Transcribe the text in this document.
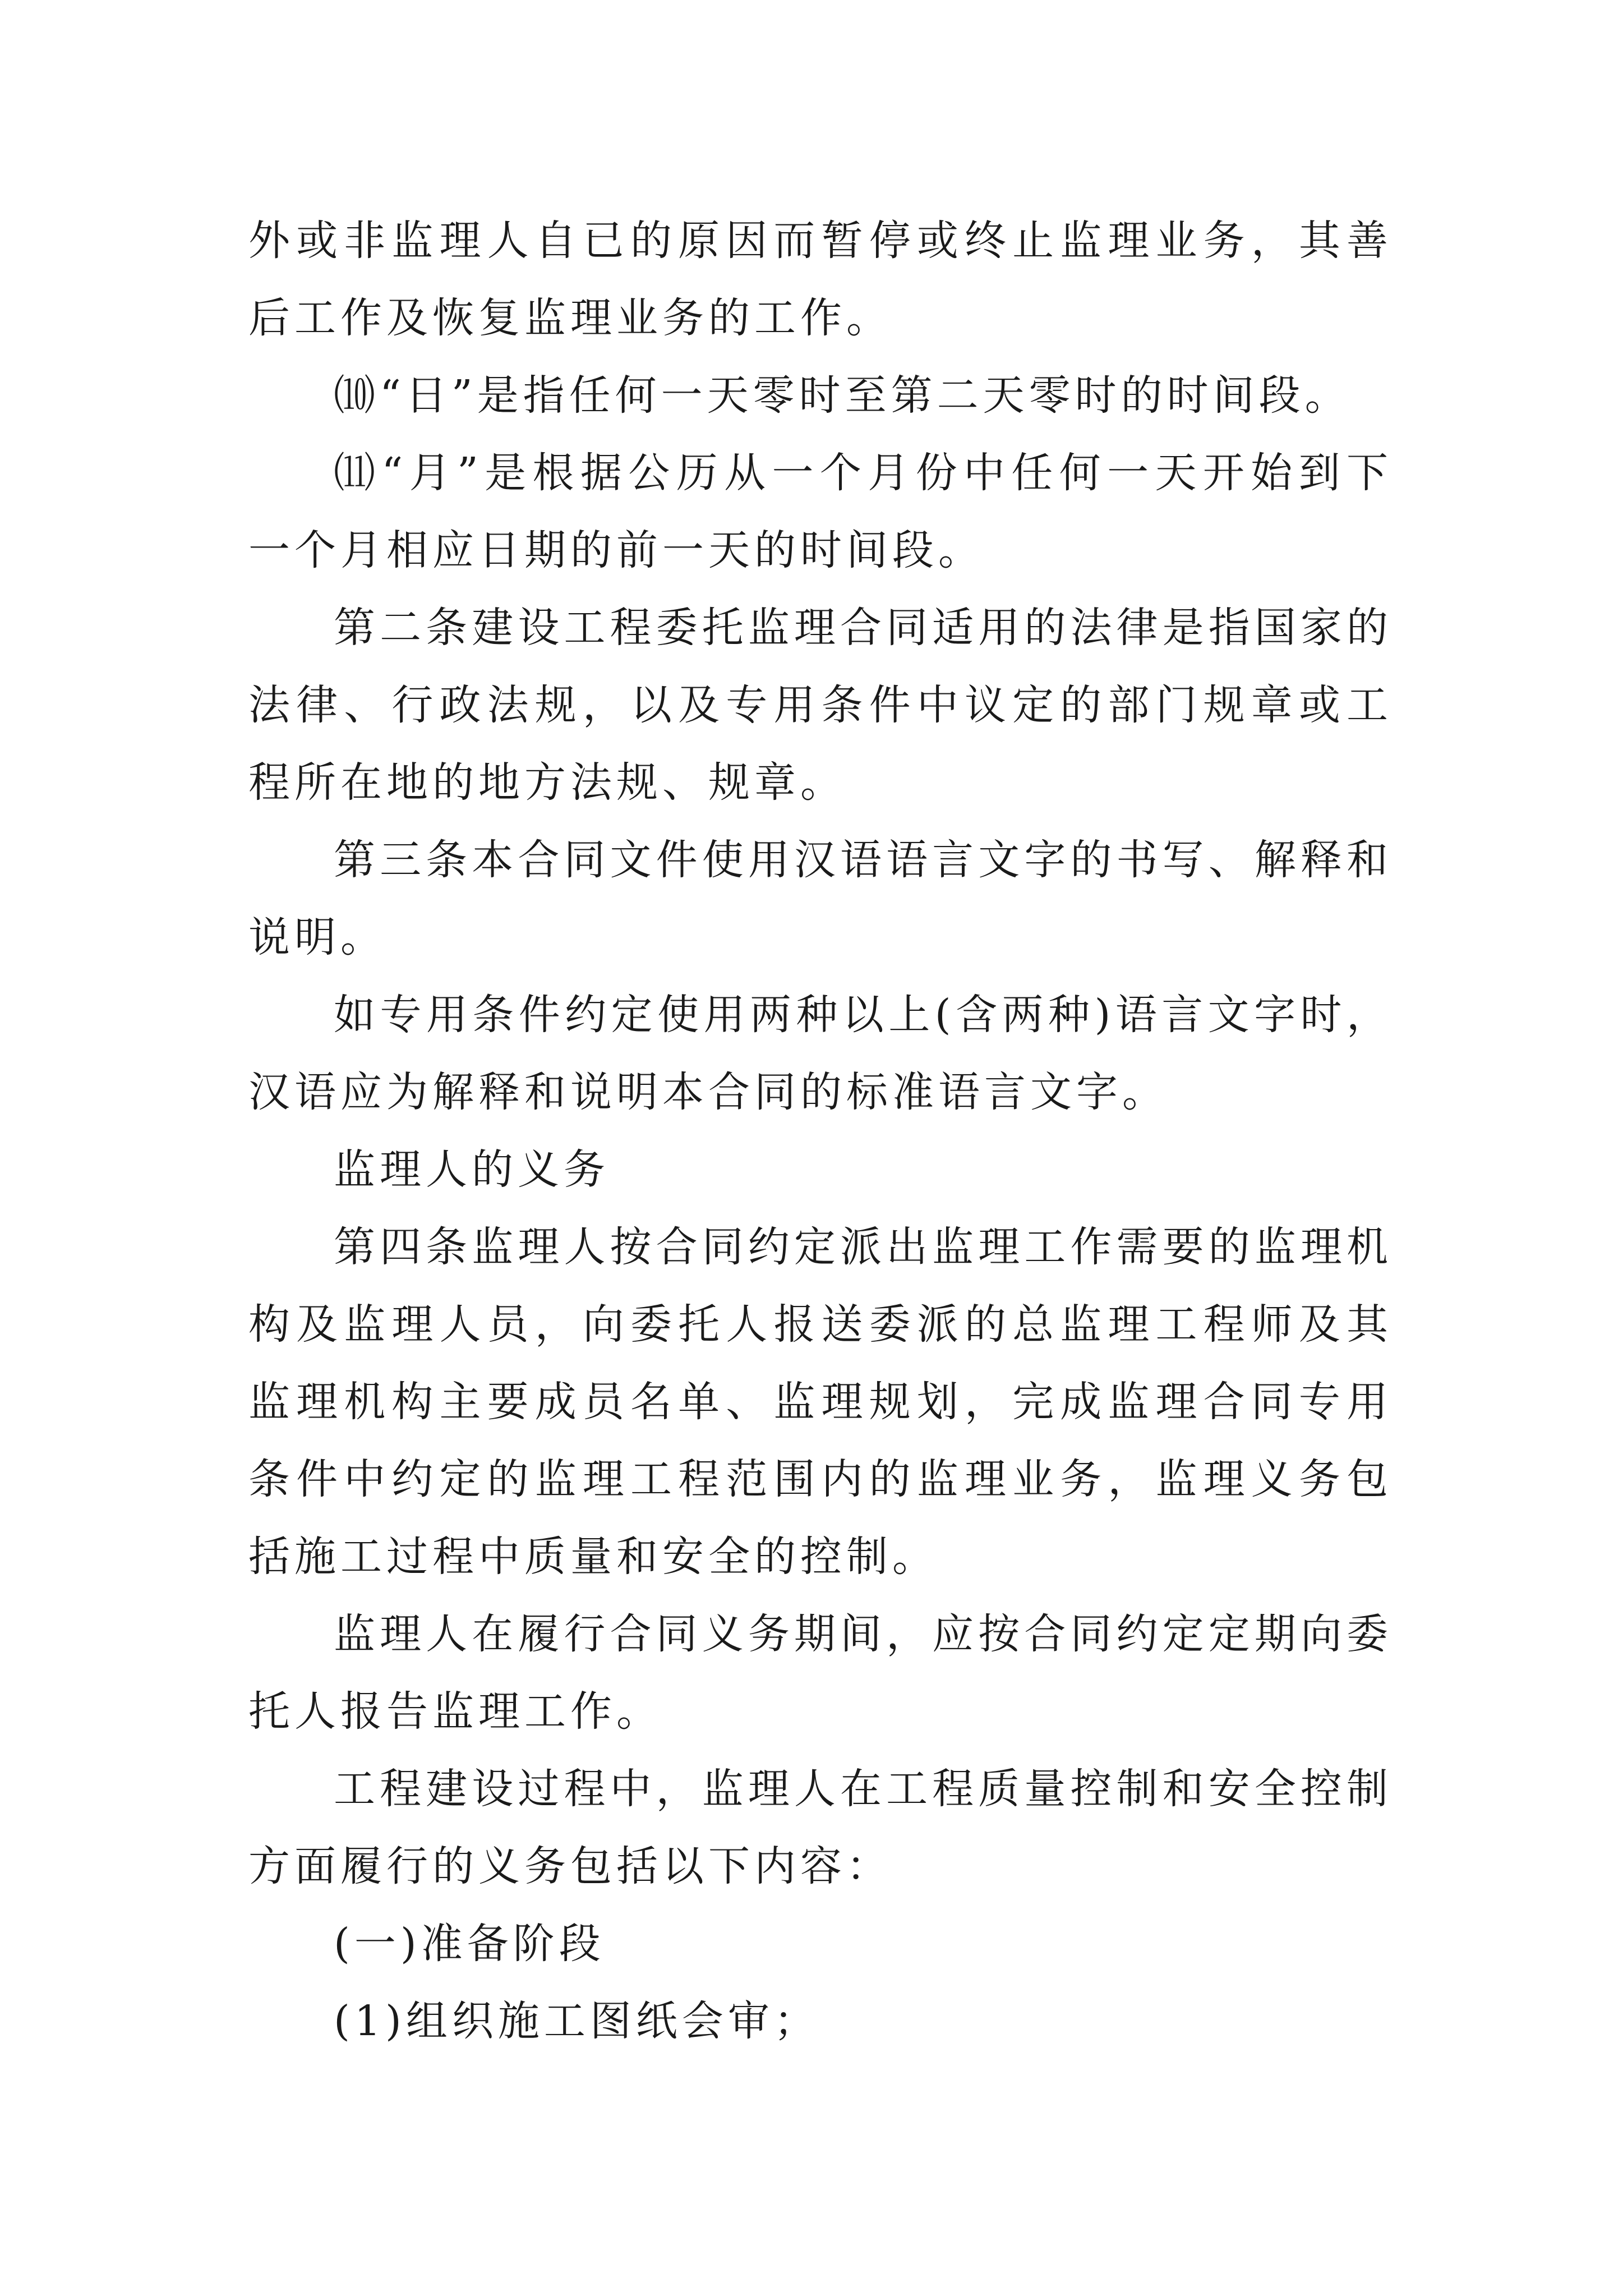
外或非监理人自已的原因而暂停或终止监理业务，其善后工作及恢复监理业务的工作。

⑽“日”是指任何一天零时至第二天零时的时间段。

⑾“月”是根据公历从一个月份中任何一天开始到下一个月相应日期的前一天的时间段。

第二条建设工程委托监理合同适用的法律是指国家的法律、行政法规，以及专用条件中议定的部门规章或工程所在地的地方法规、规章。

第三条本合同文件使用汉语语言文字的书写、解释和说明。

如专用条件约定使用两种以上(含两种)语言文字时，汉语应为解释和说明本合同的标准语言文字。

监理人的义务

第四条监理人按合同约定派出监理工作需要的监理机构及监理人员，向委托人报送委派的总监理工程师及其监理机构主要成员名单、监理规划，完成监理合同专用条件中约定的监理工程范围内的监理业务，监理义务包括施工过程中质量和安全的控制。

监理人在履行合同义务期间，应按合同约定定期向委托人报告监理工作。

工程建设过程中，监理人在工程质量控制和安全控制方面履行的义务包括以下内容：

(一)准备阶段

(1)组织施工图纸会审；
